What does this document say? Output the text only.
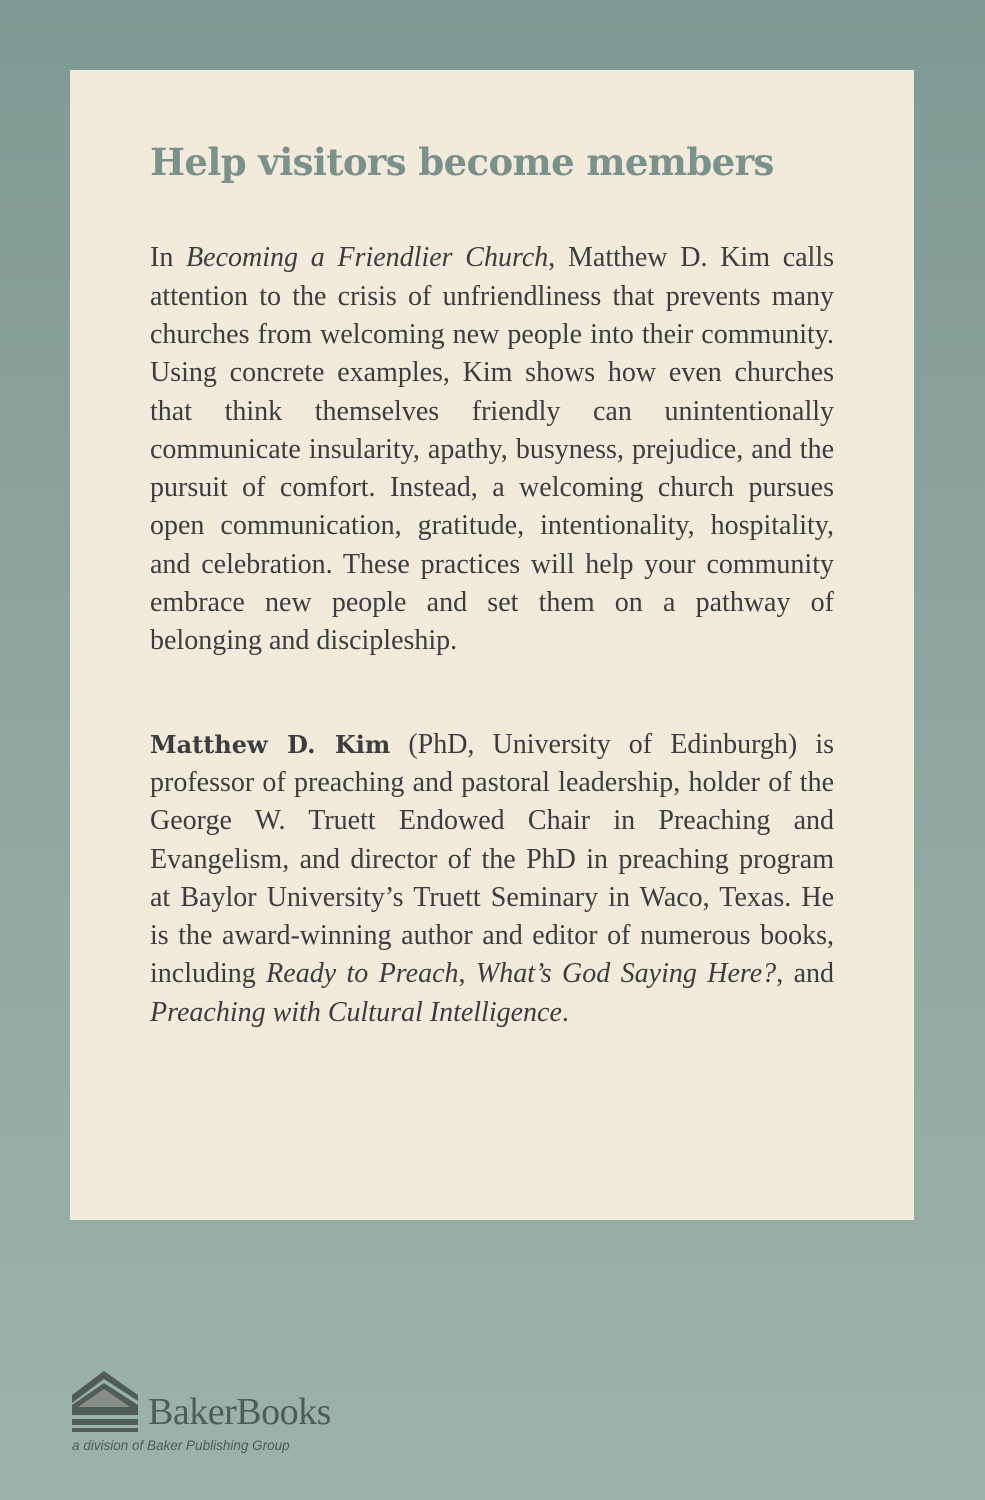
Help visitors become members

In Becoming a Friendlier Church, Matthew D. Kim calls attention to the crisis of unfriendliness that prevents many churches from welcoming new people into their community. Using concrete examples, Kim shows how even churches that think themselves friendly can unintentionally communicate insularity, apathy, busyness, prejudice, and the pursuit of comfort. Instead, a welcoming church pursues open communication, gratitude, intentionality, hospitality, and celebration. These practices will help your community embrace new people and set them on a pathway of belonging and discipleship.

Matthew D. Kim (PhD, University of Edinburgh) is professor of preaching and pastoral leadership, holder of the George W. Truett Endowed Chair in Preaching and Evangelism, and director of the PhD in preaching program at Baylor University’s Truett Seminary in Waco, Texas. He is the award-winning author and editor of numerous books, including Ready to Preach, What’s God Saying Here?, and Preaching with Cultural Intelligence.

BakerBooks
a division of Baker Publishing Group
